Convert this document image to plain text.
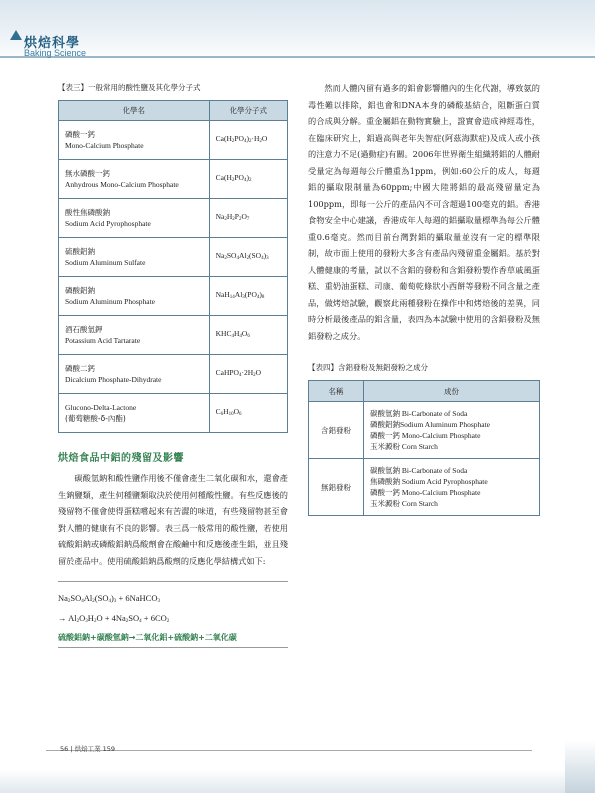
烘焙科學
Baking Science
【表三】一般常用的酸性鹽及其化學分子式
化學名	化學分子式

磷酸一鈣
Mono-Calcium Phosphate	$Ca(H_2PO_4)_2\cdot H_2O$

無水磷酸一鈣
Anhydrous Mono-Calcium Phosphate	$Ca(H_2PO_4)_2$

酸性焦磷酸鈉
Sodium Acid Pyrophosphate	$Na_2H_2P_2O_7$

硫酸鋁鈉
Sodium Aluminum Sulfate	$Na_2SO_4Al_2(SO_4)_3$

磷酸鋁鈉
Sodium Aluminum Phosphate	$NaH_{14}Al_3(PO_4)_8$

酒石酸氫鉀
Potassium Acid Tartarate	$KHC_4H_4O_6$

磷酸二鈣
Dicalcium Phosphate-Dihydrate	$CaHPO_4\cdot 2H_2O$

Glucono-Delta-Lactone
(葡萄糖酸-δ-內酯)	$C_6H_{10}O_6$
烘焙食品中鋁的殘留及影響
碳酸氫鈉和酸性鹽作用後不僅會產生二氧化碳和水，還會產生鈉鹽類，產生何種鹽類取決於使用何種酸性鹽。有些反應後的殘留物不僅會使得蛋糕嚐起來有苦澀的味道，有些殘留物甚至會對人體的健康有不良的影響。表三爲一般常用的酸性鹽，若使用硫酸鋁鈉或磷酸鋁鈉爲酸劑會在酸鹼中和反應後產生鋁，並且殘留於產品中。使用硫酸鋁鈉爲酸劑的反應化學結構式如下:
$Na_2SO_4Al_2(SO_4)_3$ + 6NaHCO$_3$
→ $Al_2O_3H_2O + 4Na_2SO_4 + 6CO_2$
硫酸鋁鈉+碳酸氫鈉→二氧化鋁+硫酸鈉+二氧化碳
然而人體內留有過多的鋁會影響體內的生化代謝，導致氨的毒性難以排除，鋁也會和DNA本身的磷酸基結合，阻斷蛋白質的合成與分解。重金屬鋁在動物實驗上，證實會造成神經毒性，在臨床研究上，鋁過高與老年失智症(阿茲海默症)及成人或小孩的注意力不足(過動症)有關。2006年世界衛生組織將鋁的人體耐受量定為每週每公斤體重為1ppm，例如:60公斤的成人，每週鋁的攝取限制量為60ppm;中國大陸將鋁的最高殘留量定為100ppm，即每一公斤的產品內不可含超過100毫克的鋁。香港食物安全中心建議，香港成年人每週的鋁攝取量標準為每公斤體重0.6毫克。然而目前台灣對鋁的攝取量並沒有一定的標準限制，故市面上使用的發粉大多含有產品內殘留重金屬鋁。基於對人體健康的考量，試以不含鋁的發粉和含鋁發粉製作香草戚風蛋糕、重奶油蛋糕、司康、葡萄乾條狀小西餅等發粉不同含量之產品，做烤焙試驗，觀察此兩種發粉在操作中和烤焙後的差異，同時分析最後產品的鋁含量，表四為本試驗中使用的含鋁發粉及無鋁發粉之成分。
【表四】含鋁發粉及無鋁發粉之成分
名稱	成份
含鋁發粉	碳酸氫鈉 Bi-Carbonate of Soda
磷酸鋁鈉Sodium Aluminum Phosphate
磷酸一鈣 Mono-Calcium Phosphate
玉米澱粉 Corn Starch

無鋁發粉	碳酸氫鈉 Bi-Carbonate of Soda
焦磷酸鈉 Sodium Acid Pyrophosphate
磷酸一鈣 Mono-Calcium Phosphate
玉米澱粉 Corn Starch
56 | 烘焙工業 159
